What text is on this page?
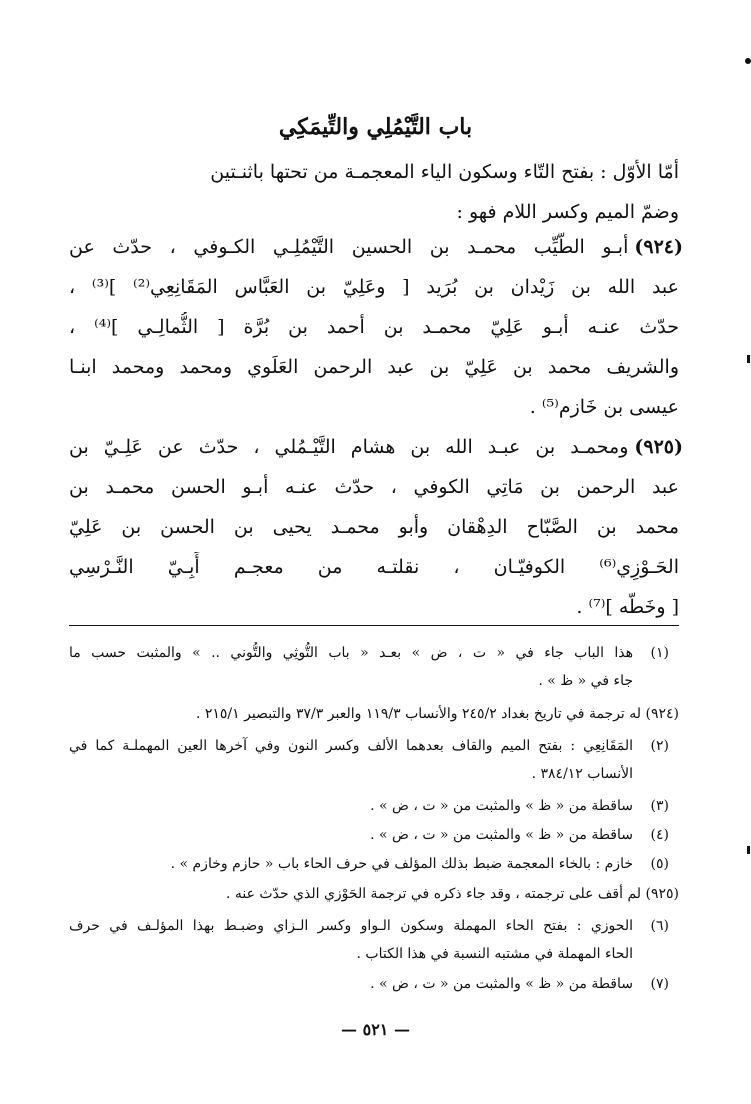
باب التَّيْمُلِي والتِّيمَكِي
أمّا الأوّل : بفتح التّاء وسكون الياء المعجمـة من تحتها باثنـتين
وضمّ الميم وكسر اللام فهو :
(٩٢٤)أبـو الطَّيِّب محمـد بن الحسين التَّيْمُلِـي الكـوفي ، حدّث عن
عبد الله بن زَيْدان بن بُرَيد [ وعَلِيّ بن العَبَّاس المَقَانِعِي⁽²⁾ ]⁽³⁾ ،
حدّث عنـه أبـو عَلِيّ محمـد بن أحمد بن بُرَّة [ الثُّمالِـي ]⁽⁴⁾ ،
والشريف محمد بن عَلِيّ بن عبد الرحمن العَلَوي ومحمد ومحمد ابنـا
عيسى بن خَازم⁽⁵⁾ .
(٩٢٥)ومحمـد بن عبـد الله بن هشام التَّيْـمُلي ، حدّث عن عَلِـيّ بن
عبد الرحمن بن مَاتِي الكوفي ، حدّث عنـه أبـو الحسن محمـد بن
محمد بن الصَّبّاح الدِهْقان وأبو محمـد يحيى بن الحسن بن عَلِيّ
الحَـوْزِي⁽⁶⁾ الكوفيّـان ، نقلتـه من معجـم أَبِـيّ النَّـرْسِي
[ وخَطّه ]⁽⁷⁾ .
(١)هذا الباب جاء في « ت ، ض » بعـد « باب التُّوثِي والتُّوني .. » والمثبت حسب ما
جاء في « ظ » .
(٩٢٤) له ترجمة في تاريخ بغداد ٢٤٥/٢ والأنساب ١١٩/٣ والعبر ٣٧/٣ والتبصير ٢١٥/١ .
(٢)المَقَانِعِي : بفتح الميم والقاف بعدهما الألف وكسر النون وفي آخرها العين المهملـة كما في
الأنساب ٣٨٤/١٢ .
(٣)ساقطة من « ظ » والمثبت من « ت ، ض » .
(٤)ساقطة من « ظ » والمثبت من « ت ، ض » .
(٥)خازم : بالخاء المعجمة ضبط بذلك المؤلف في حرف الحاء باب « حازم وخازم » .
(٩٢٥) لم أقف على ترجمته ، وقد جاء ذكره في ترجمة الحَوْزي الذي حدّث عنه .
(٦)الحوزي : بفتح الحاء المهملة وسكون الـواو وكسر الـزاي وضبـط بهذا المؤلـف في حرف
الحاء المهملة في مشتبه النسبة في هذا الكتاب .
(٧)ساقطة من « ظ » والمثبت من « ت ، ض » .
— ٥٢١ —
